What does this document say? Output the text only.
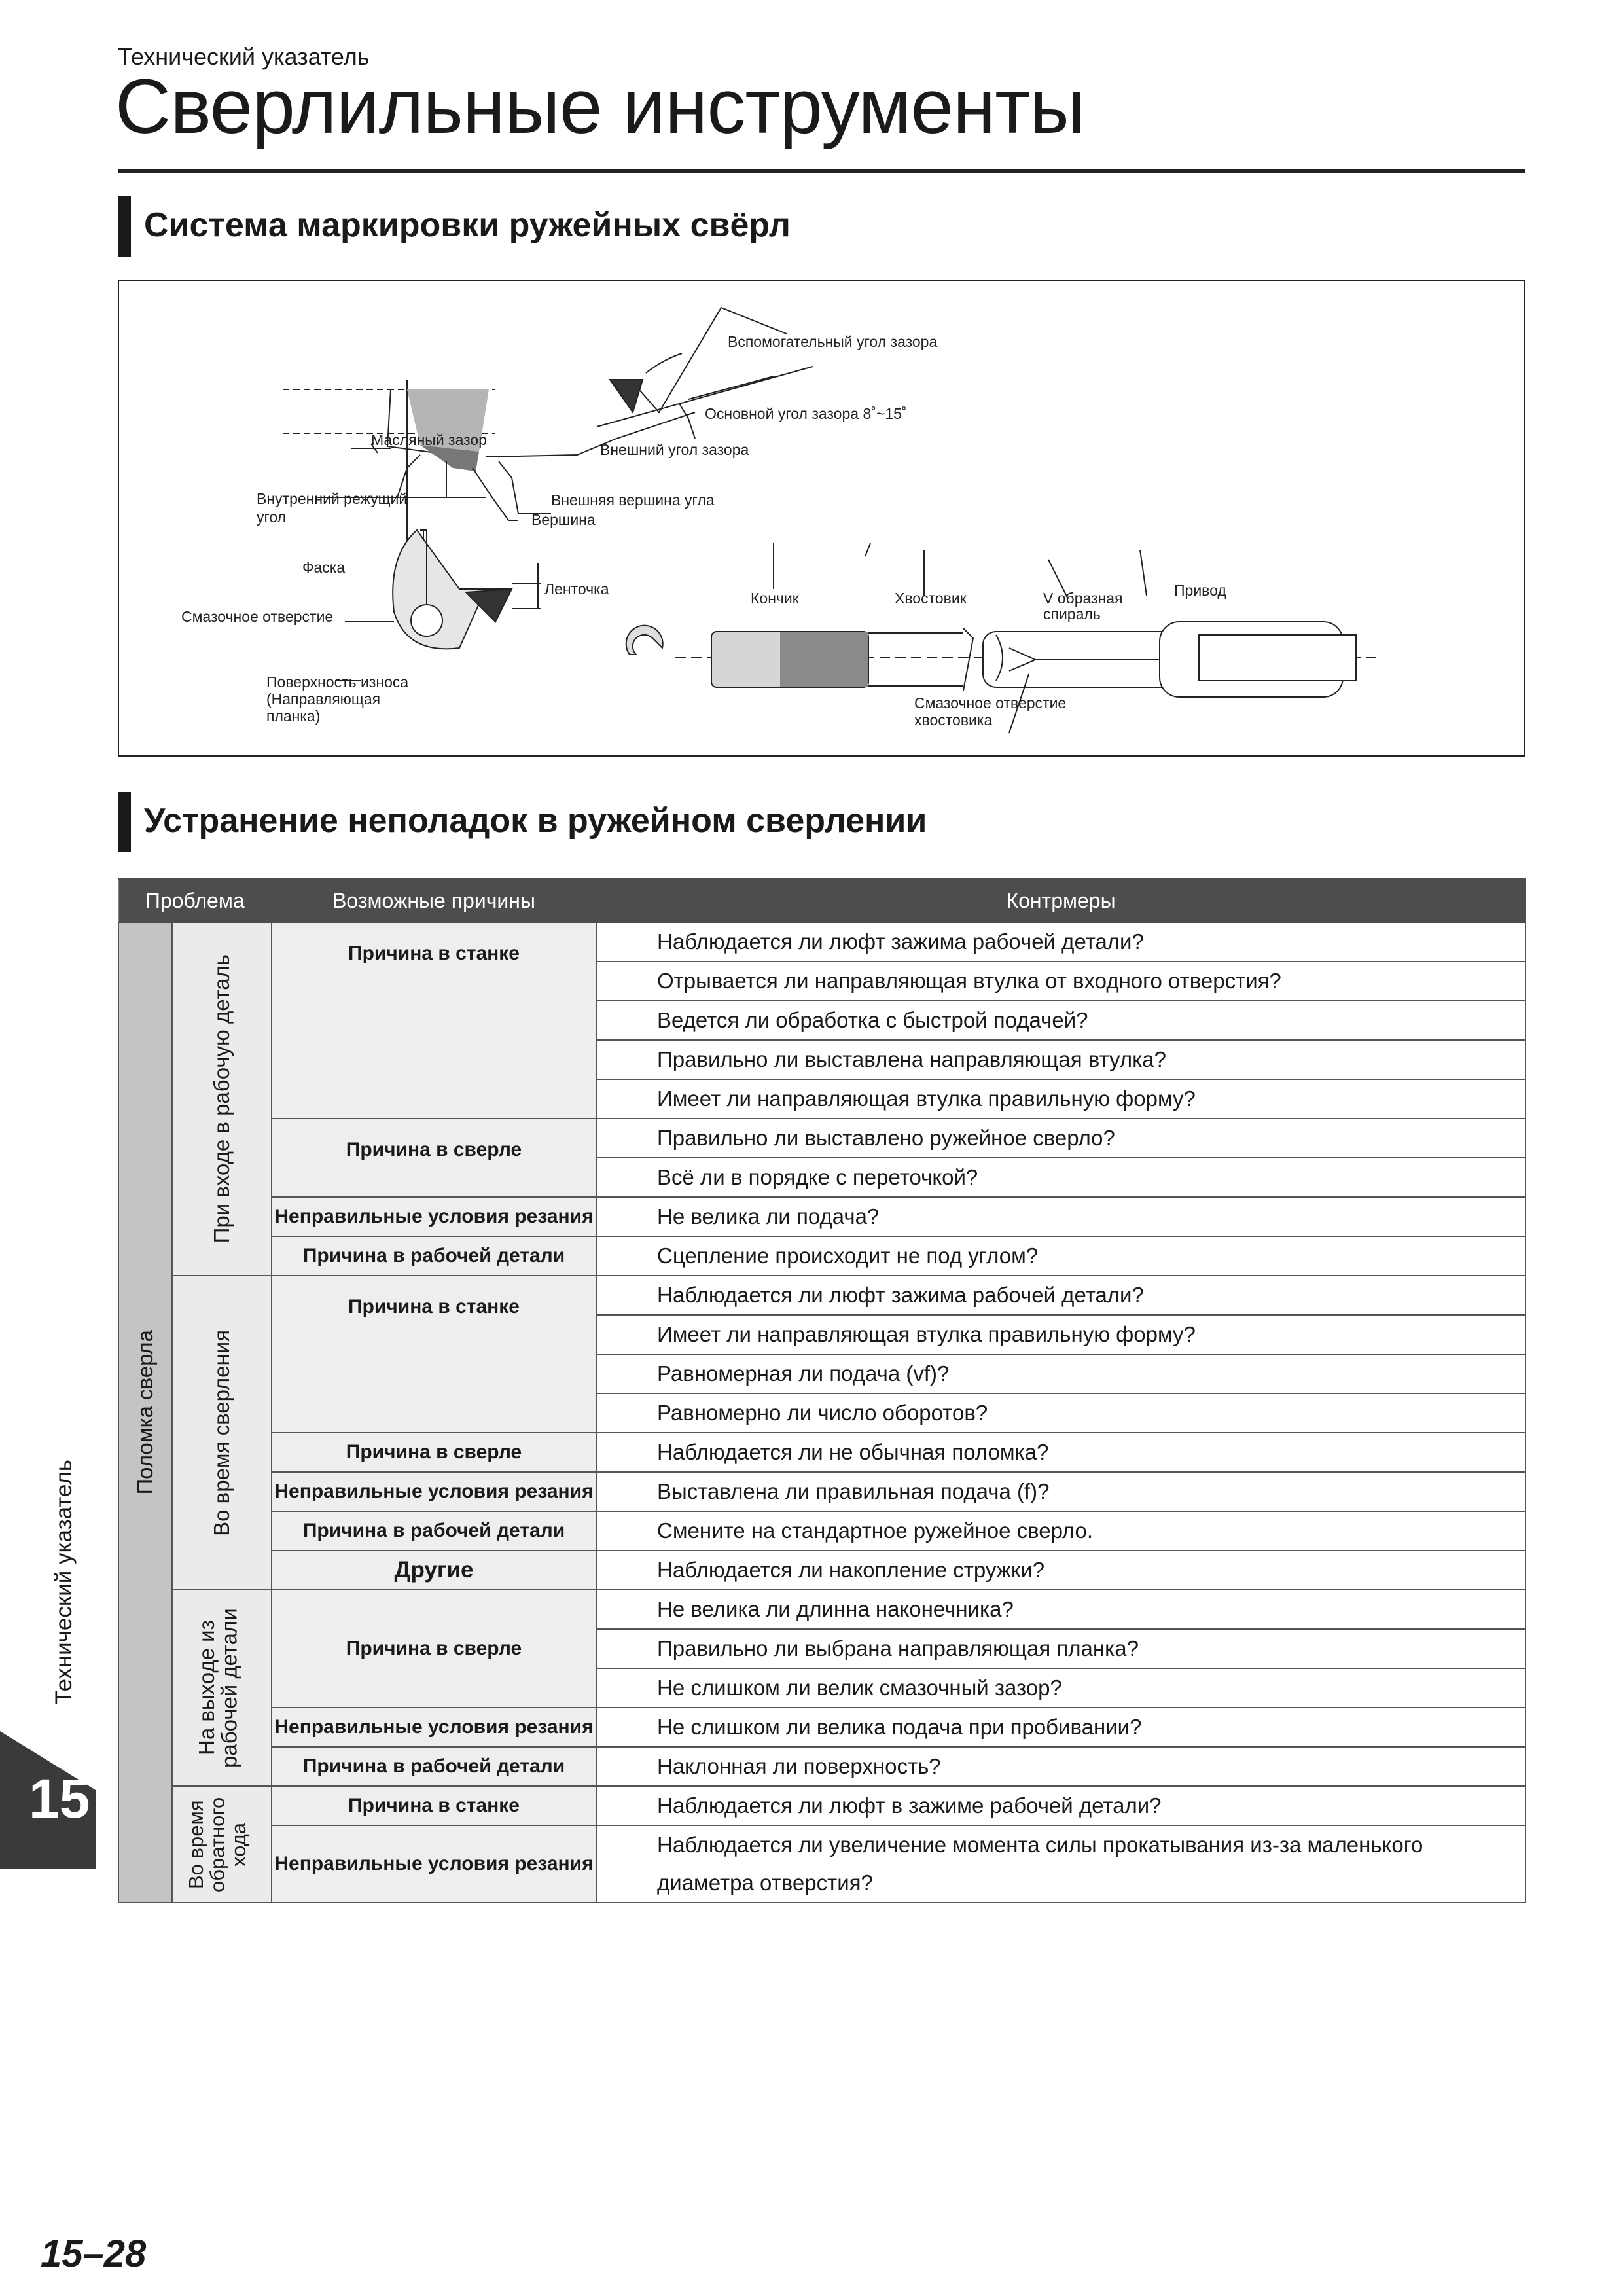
Технический указатель
Сверлильные инструменты
Система маркировки ружейных свёрл
Масляный зазор
Вспомогательный угол зазора
Основной угол зазора 8˚~15˚
Внешний угол зазора
Внутренний режущий
угол
Внешняя вершина угла
Вершина
Фаска
Смазочное отверстие
Ленточка
Поверхность износа
(Направляющая
планка)
Кончик	Хвостовик	V образная
спираль
Привод
Смазочное отверстие
хвостовика
Устранение неполадок в ружейном сверлении
Проблема		Возможные причины	Контрмеры

Поломка сверла	При входе в рабочую деталь	Причина в станке	Наблюдается ли люфт зажима рабочей детали?
			Отрывается ли направляющая втулка от входного отверстия?
			Ведется ли обработка с быстрой подачей?
			Правильно ли выставлена направляющая втулка?
			Имеет ли направляющая втулка правильную форму?
		Причина в сверле	Правильно ли выставлено ружейное сверло?
			Всё ли в порядке с переточкой?
		Неправильные условия резания	Не велика ли подача?
		Причина в рабочей детали	Сцепление происходит не под углом?

	Во время сверления	Причина в станке	Наблюдается ли люфт зажима рабочей детали?
			Имеет ли направляющая втулка правильную форму?
			Равномерная ли подача (vf)?
			Равномерно ли число оборотов?
		Причина в сверле	Наблюдается ли не обычная поломка?
		Неправильные условия резания	Выставлена ли правильная подача (f)?
		Причина в рабочей детали	Смените на стандартное ружейное сверло.
		Другие	Наблюдается ли накопление стружки?

	На выходе из рабочей детали	Причина в сверле	Не велика ли длинна наконечника?
			Правильно ли выбрана направляющая планка?
			Не слишком ли велик смазочный зазор?
		Неправильные условия резания	Не слишком ли велика подача при пробивании?
		Причина в рабочей детали	Наклонная ли поверхность?

	Во время обратного хода	Причина в станке	Наблюдается ли люфт в зажиме рабочей детали?
		Неправильные условия резания	Наблюдается ли увеличение момента силы прокатывания из-за маленького
			диаметра отверстия?
Технический указатель
15
15–28
